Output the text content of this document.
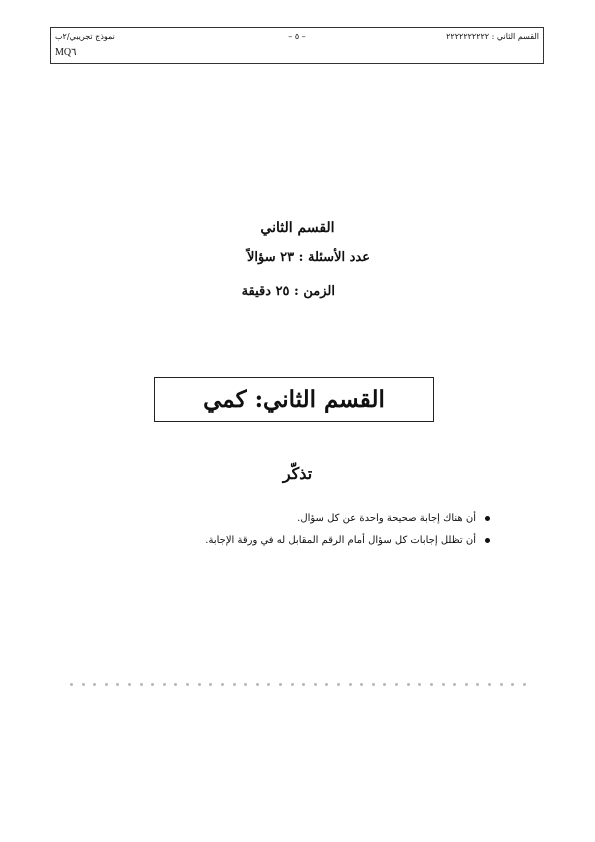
القسم الثاني : ٢٢٢٢٢٢٢٢٢٢
– ٥ –
نموذج تجريبي/٢ب
MQ٦
القسم الثاني
عدد الأسئلة : ٢٣ سؤالاً
الزمن : ٢٥ دقيقة
القسم الثاني: كمي
تذكّر
أن هناك إجابة صحيحة واحدة عن كل سؤال.
أن تظلل إجابات كل سؤال أمام الرقم المقابل له في ورقة الإجابة.
